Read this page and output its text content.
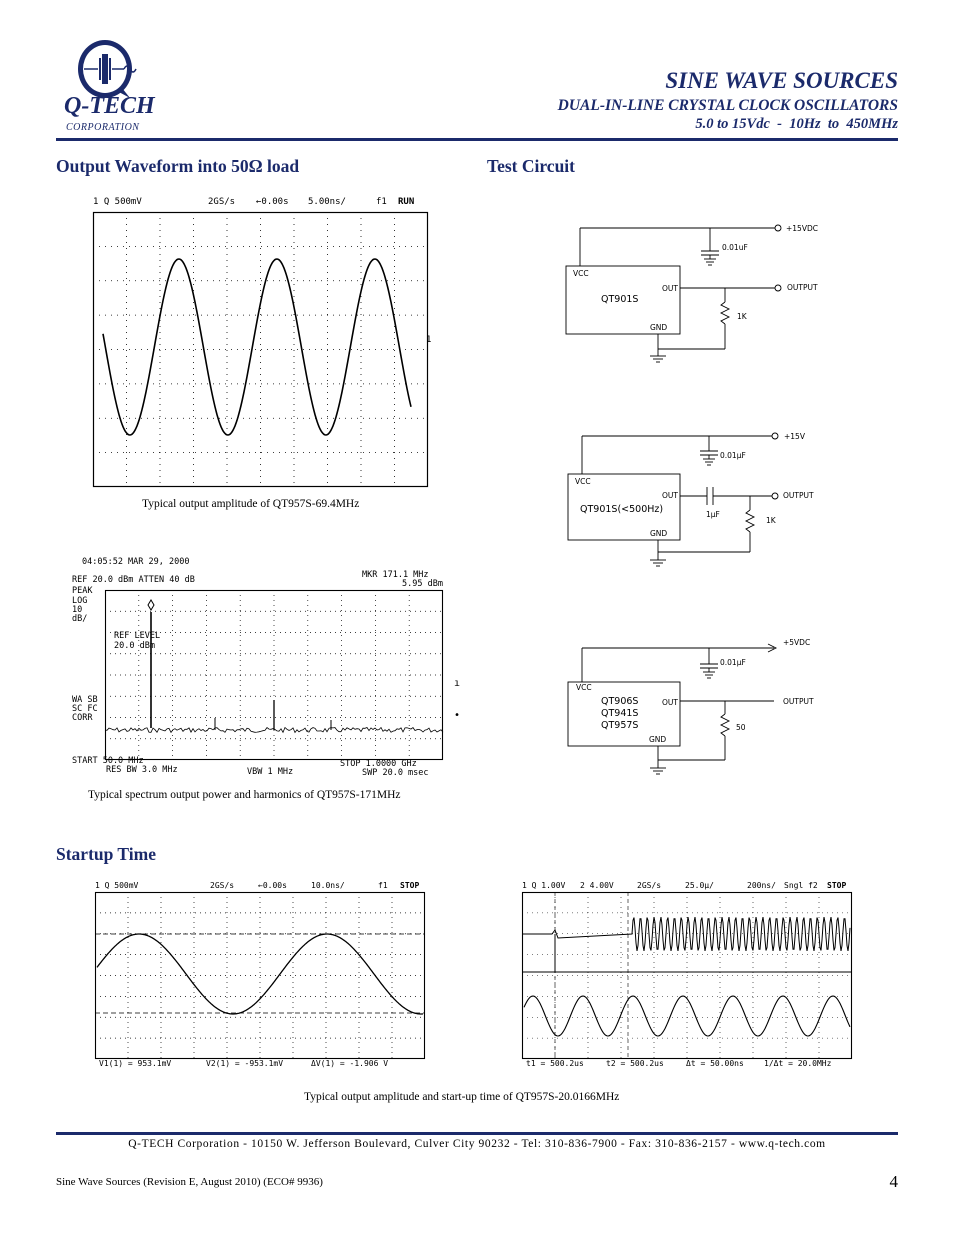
Q-TECH
CORPORATION
SINE WAVE SOURCES
DUAL-IN-LINE CRYSTAL CLOCK OSCILLATORS
5.0 to 15Vdc  -  10Hz  to  450MHz
Output Waveform into 50Ω load	Test Circuit
Startup Time
1 Q 500mV	2GS/s ←0.00s 5.00ns/	f1 RUN
1
Typical output amplitude of QT957S-69.4MHz
04:05:52 MAR 29, 2000
REF 20.0 dBm ATTEN 40 dB	MKR 171.1 MHz
5.95 dBm
PEAK
LOG
10
dB/
REF LEVEL
20.0 dBm
WA SB
SC FC
CORR
START 50.0 MHz	STOP 1.0000 GHz
RES BW 3.0 MHz	VBW 1 MHz	SWP 20.0 msec
ı
•
Typical spectrum output power and harmonics of QT957S-171MHz
+15VDC
0.01uF
VCC
QT901S
OUT
GND
OUTPUT
1K
+15V
0.01μF
VCC
QT901S(<500Hz)
OUT
GND
OUTPUT
1μF
1K
+5VDC
0.01μF
VCC
QT906S
QT941S
QT957S
OUT
GND
OUTPUT
50
1 Q 500mV	2GS/s	←0.00s	10.0ns/	f1 STOP
V1(1) = 953.1mV	V2(1) = -953.1mV	ΔV(1) = -1.906 V
1 Q 1.00V 2 4.00V	2GS/s	25.0μ/	200ns/ Sngl f2 STOP
t1 = 500.2us	t2 = 500.2us	Δt = 50.00ns	1/Δt = 20.0MHz
Typical output amplitude and start-up time of QT957S-20.0166MHz
Q-TECH Corporation - 10150 W. Jefferson Boulevard, Culver City 90232 - Tel: 310-836-7900 - Fax: 310-836-2157 - www.q-tech.com
Sine Wave Sources (Revision E, August 2010) (ECO# 9936)	4
